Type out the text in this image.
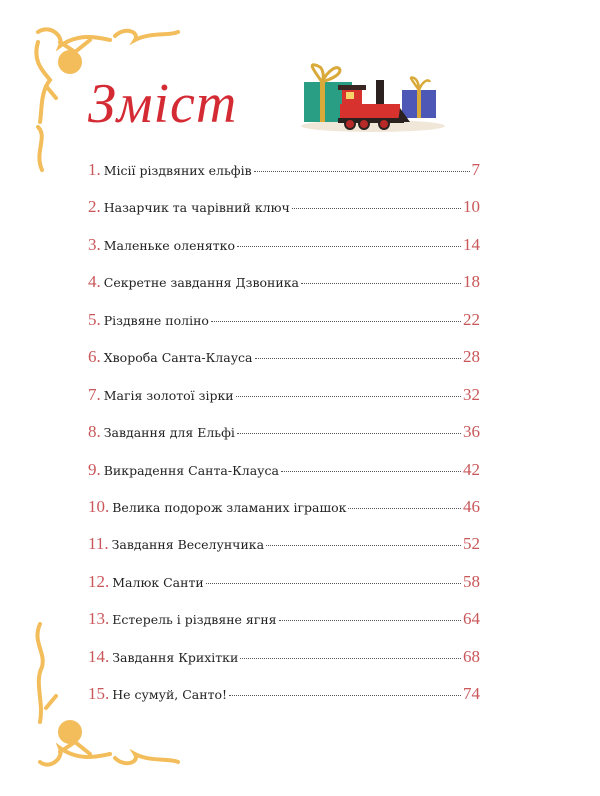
Зміст
1. Місії різдвяних ельфів	7
2. Назарчик та чарівний ключ	10
3. Маленьке оленятко	14
4. Секретне завдання Дзвоника	18
5. Різдвяне поліно	22
6. Хвороба Санта-Клауса	28
7. Магія золотої зірки	32
8. Завдання для Ельфі	36
9. Викрадення Санта-Клауса	42
10. Велика подорож зламаних іграшок	46
11. Завдання Веселунчика	52
12. Малюк Санти	58
13. Естерель і різдвяне ягня	64
14. Завдання Крихітки	68
15. Не сумуй, Санто!	74
